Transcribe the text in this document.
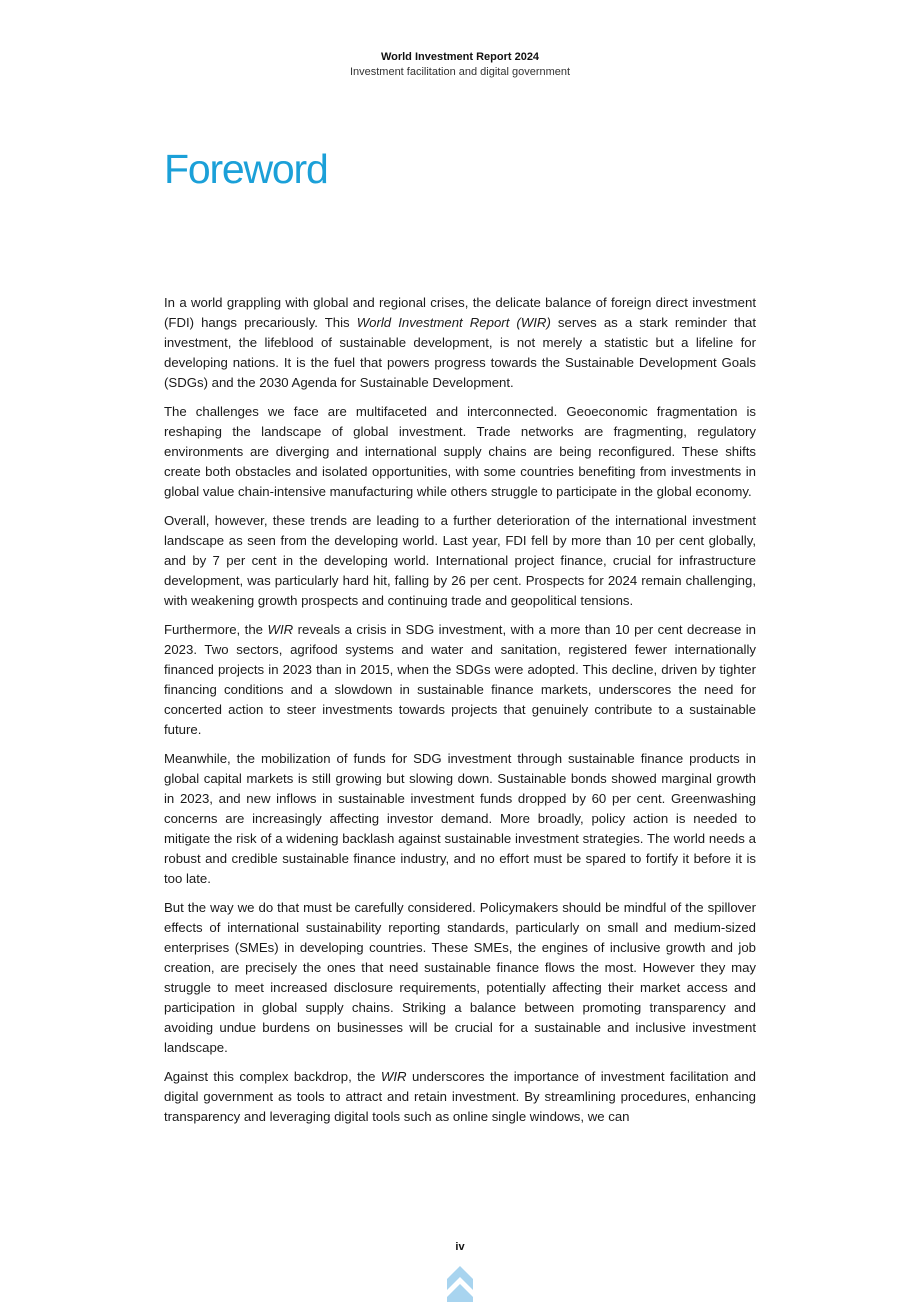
World Investment Report 2024
Investment facilitation and digital government
Foreword

In a world grappling with global and regional crises, the delicate balance of foreign direct investment (FDI) hangs precariously. This World Investment Report (WIR) serves as a stark reminder that investment, the lifeblood of sustainable development, is not merely a statistic but a lifeline for developing nations. It is the fuel that powers progress towards the Sustainable Development Goals (SDGs) and the 2030 Agenda for Sustainable Development.

The challenges we face are multifaceted and interconnected. Geoeconomic fragmentation is reshaping the landscape of global investment. Trade networks are fragmenting, regulatory environments are diverging and international supply chains are being reconfigured. These shifts create both obstacles and isolated opportunities, with some countries benefiting from investments in global value chain-intensive manufacturing while others struggle to participate in the global economy.

Overall, however, these trends are leading to a further deterioration of the international investment landscape as seen from the developing world. Last year, FDI fell by more than 10 per cent globally, and by 7 per cent in the developing world. International project finance, crucial for infrastructure development, was particularly hard hit, falling by 26 per cent. Prospects for 2024 remain challenging, with weakening growth prospects and continuing trade and geopolitical tensions.

Furthermore, the WIR reveals a crisis in SDG investment, with a more than 10 per cent decrease in 2023. Two sectors, agrifood systems and water and sanitation, registered fewer internationally financed projects in 2023 than in 2015, when the SDGs were adopted. This decline, driven by tighter financing conditions and a slowdown in sustainable finance markets, underscores the need for concerted action to steer investments towards projects that genuinely contribute to a sustainable future.

Meanwhile, the mobilization of funds for SDG investment through sustainable finance products in global capital markets is still growing but slowing down. Sustainable bonds showed marginal growth in 2023, and new inflows in sustainable investment funds dropped by 60 per cent. Greenwashing concerns are increasingly affecting investor demand. More broadly, policy action is needed to mitigate the risk of a widening backlash against sustainable investment strategies. The world needs a robust and credible sustainable finance industry, and no effort must be spared to fortify it before it is too late.

But the way we do that must be carefully considered. Policymakers should be mindful of the spillover effects of international sustainability reporting standards, particularly on small and medium-sized enterprises (SMEs) in developing countries. These SMEs, the engines of inclusive growth and job creation, are precisely the ones that need sustainable finance flows the most. However they may struggle to meet increased disclosure requirements, potentially affecting their market access and participation in global supply chains. Striking a balance between promoting transparency and avoiding undue burdens on businesses will be crucial for a sustainable and inclusive investment landscape.

Against this complex backdrop, the WIR underscores the importance of investment facilitation and digital government as tools to attract and retain investment. By streamlining procedures, enhancing transparency and leveraging digital tools such as online single windows, we can

iv
